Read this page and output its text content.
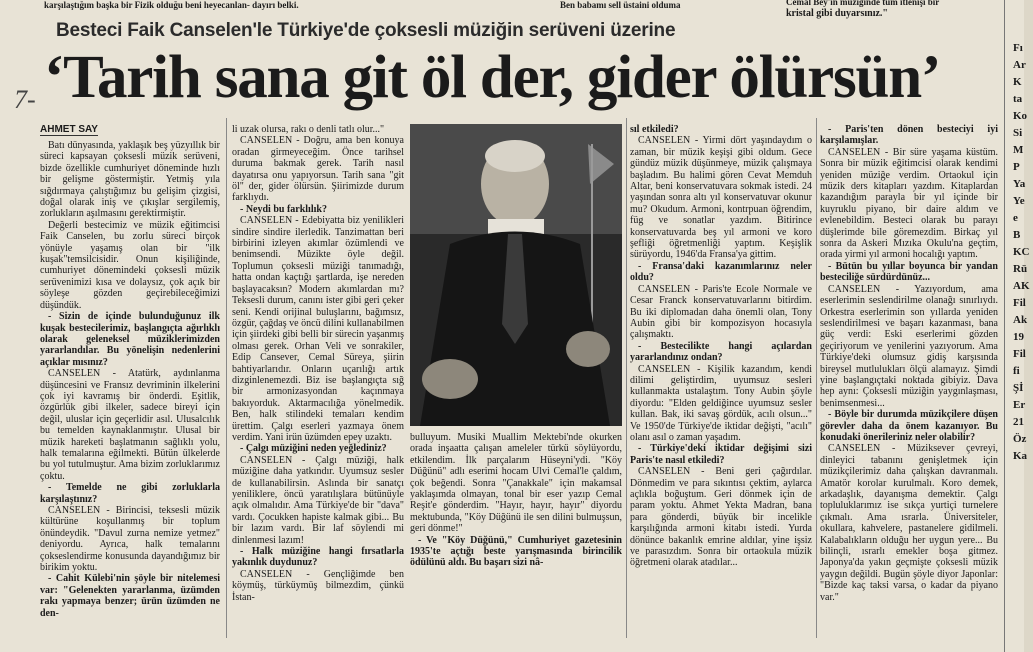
karşılaştığım başka bir Fizik olduğu beni heyecanlan- dayırı belki.	Ben babamı sell üstaini olduma	Cemal Bey'in müziğinde tüm itlenişi bir
kristal gibi duyarsınız."
Fı
Ar
K
ta
Ko
Si
M
P
Ya
Ye
e
B
KC
Rü
AK
Fil
Ak
19
Fil
fi
Şİ
Er
21
Öz
Ka
Besteci Faik Canselen'le Türkiye'de çoksesli müziğin serüveni üzerine
‘Tarih sana git öl der, gider ölürsün’
7-
AHMET SAY

Batı dünyasında, yaklaşık beş yüzyıllık bir süreci kapsayan çoksesli müzik serüveni, bizde özellikle cumhuriyet döneminde hızlı bir gelişme göstermiştir. Yetmiş yıla sığdırmaya çalıştığımız bu gelişim çizgisi, doğal olarak iniş ve çıkışlar sergilemiş, zorlukların aşılmasını gerektirmiştir.

Değerli bestecimiz ve müzik eğitimcisi Faik Canselen, bu zorlu süreci birçok yönüyle yaşamış olan bir "ilk kuşak"temsilcisidir. Onun kişiliğinde, cumhuriyet dönemindeki çoksesli müzik serüvenimizi kısa ve dolaysız, çok açık bir söyleşe gözden geçirebileceğimizi düşündük.

- Sizin de içinde bulunduğunuz ilk kuşak bestecilerimiz, başlangıçta ağırlıklı olarak geleneksel müziklerimizden yararlandılar. Bu yönelişin nedenlerini açıklar mısınız?

CANSELEN - Atatürk, aydınlanma düşüncesini ve Fransız devriminin ilkelerini çok iyi kavramış bir önderdi. Eşitlik, özgürlük gibi ilkeler, sadece bireyi için değil, uluslar için geçerlidir asıl. Ulusalcılık bu temelden kaynaklanmıştır. Ulusal bir müzik hareketi başlatmanın sağlıklı yolu, halk temalarına eğilmekti. Bütün ülkelerde bu yol tutulmuştur. Ama bizim zorluklarımız çoktu.

- Temelde ne gibi zorluklarla karşılaştınız?

CANSELEN - Birincisi, teksesli müzik kültürüne koşullanmış bir toplum önündeydik. "Davul zurna nemize yetmez" deniyordu. Ayrıca, halk temalarını çokseslendirme konusunda dayandığımız bir birikim yoktu.

- Cahit Külebi'nin şöyle bir nitelemesi var: "Gelenekten yararlanma, üzümden rakı yapmaya benzer; ürün üzümden ne den-

li uzak olursa, rakı o denli tatlı olur..."

CANSELEN - Doğru, ama ben konuya oradan girmeyeceğim. Önce tarihsel duruma bakmak gerek. Tarih nasıl dayatırsa onu yapıyorsun. Tarih sana "git öl" der, gider ölürsün. Şiirimizde durum farklıydı.

- Neydi bu farklılık?

CANSELEN - Edebiyatta biz yenilikleri sindire sindire ilerledik. Tanzimattan beri birbirini izleyen akımlar özümlendi ve benimsendi. Müzikte öyle değil. Toplumun çoksesli müziği tanımadığı, hatta ondan kaçtığı şartlarda, işe nereden başlayacaksın? Modern akımlardan mı? Teksesli durum, canını ister gibi geri çeker seni. Kendi orijinal buluşlarını, bağımsız, özgür, çağdaş ve öncü dilini kullanabilmen için şiirdeki gibi belli bir sürecin yaşanmış olması gerek. Orhan Veli ve sonrakiler, Edip Cansever, Cemal Süreya, şiirin bahtiyarlarıdır. Onların uçarılığı artık dizginlenemezdi. Biz ise başlangıçta sığ bir armonizasyondan kaçınmaya bakıyorduk. Aktarmacılığa yönelmedik. Ben, halk stilindeki temaları kendim ürettim. Çalgı eserleri yazmaya önem verdim. Yani irün üzümden epey uzaktı.

- Çalgı müziğini neden yeğlediniz?

CANSELEN - Çalgı müziği, halk müziğine daha yatkındır. Uyumsuz sesler de kullanabilirsin. Aslında bir sanatçı yeniliklere, öncü yaratılışlara bütünüyle açık olmalıdır. Ama Türkiye'de bir "dava" vardı. Çocukken hapiste kalmak gibi... Bu bir lazım vardı. Bir laf söylendi mi dinlenmesi lazım!

- Halk müziğine hangi fırsatlarla yakınlık duydunuz?

CANSELEN - Gençliğimde ben köymüş, türküymüş bilmezdim, çünkü İstan-

bulluyum. Musiki Muallim Mektebi'nde okurken orada inşaatta çalışan ameleler türkü söylüyordu, etkilendim. İlk parçalarım Hüseyni'ydi. "Köy Düğünü" adlı eserimi hocam Ulvi Cemal'le çaldım, çok beğendi. Sonra "Çanakkale" için makamsal yaklaşımda olmayan, tonal bir eser yazıp Cemal Reşit'e gönderdim. "Hayır, hayır, hayır" diyordu mektubunda, "Köy Düğünü ile sen dilini bulmuşsun, geri dönme!"

- Ve "Köy Düğünü," Cumhuriyet gazetesinin 1935'te açtığı beste yarışmasında birincilik ödülünü aldı. Bu başarı sizi nâ-

sıl etkiledi?

CANSELEN - Yirmi dört yaşındaydım o zaman, bir müzik keşişi gibi oldum. Gece gündüz müzik düşünmeye, müzik çalışmaya başladım. Bu halimi gören Cevat Memduh Altar, beni konservatuvara sokmak istedi. 24 yaşından sonra altı yıl konservatuvar okunur mu? Okudum. Armoni, kontrpuan öğrendim, füg ve sonatlar yazdım. Bitirince konservatuvarda beş yıl armoni ve koro şefliği öğretmenliği yaptım. Keşişlik sürüyordu, 1946'da Fransa'ya gittim.

- Fransa'daki kazanımlarınız neler oldu?

CANSELEN - Paris'te Ecole Normale ve Cesar Franck konservatuvarlarını bitirdim. Bu iki diplomadan daha önemli olan, Tony Aubin gibi bir kompozisyon hocasıyla çalışmaktı.

- Bestecilikte hangi açılardan yararlandınız ondan?

CANSELEN - Kişilik kazandım, kendi dilimi geliştirdim, uyumsuz sesleri kullanmakta ustalaştım. Tony Aubin şöyle diyordu: "Elden geldiğince uyumsuz sesler kullan. Bak, iki savaş gördük, acılı olsun..." Ve 1950'de Türkiye'de iktidar değişti, "acılı" olanı asıl o zaman yaşadım.

- Türkiye'deki iktidar değişimi sizi Paris'te nasıl etkiledi?

CANSELEN - Beni geri çağırdılar. Dönmedim ve para sıkıntısı çektim, aylarca açlıkla boğuştum. Geri dönmek için de param yoktu. Ahmet Yekta Madran, bana para gönderdi, büyük bir incelikle karşılığında armoni kitabı istedi. Yurda dönünce bakanlık emrine aldılar, yine işsiz ve parasızdım. Sonra bir ortaokula müzik öğretmeni olarak atadılar...

- Paris'ten dönen besteciyi iyi karşılamışlar.

CANSELEN - Bir süre yaşama küstüm. Sonra bir müzik eğitimcisi olarak kendimi yeniden müziğe verdim. Ortaokul için müzik ders kitapları yazdım. Kitaplardan kazandığım parayla bir yıl içinde bir kuyruklu piyano, bir daire aldım ve evlenebildim. Besteci olarak bu parayı düşlerimde bile göremezdim. Birkaç yıl sonra da Askeri Mızıka Okulu'na geçtim, orada yirmi yıl armoni hocalığı yaptım.

- Bütün bu yıllar boyunca bir yandan besteciliğe sürdürdünüz...

CANSELEN - Yazıyordum, ama eserlerimin seslendirilme olanağı sınırlıydı. Orkestra eserlerimin son yıllarda yeniden seslendirilmesi ve başarı kazanması, bana güç verdi: Eski eserlerimi gözden geçiriyorum ve yenilerini yazıyorum. Ama Türkiye'deki olumsuz gidiş karşısında bireysel mutlulukları ölçü alamayız. Şimdi yine başlangıçtaki noktada gibiyiz. Dava hep aynı: Çoksesli müziğin yaygınlaşması, benimsenmesi...

- Böyle bir durumda müzikçilere düşen görevler daha da önem kazanıyor. Bu konudaki önerileriniz neler olabilir?

CANSELEN - Müziksever çevreyi, dinleyici tabanını genişletmek için müzikçilerimiz daha çalışkan davranmalı. Amatör korolar kurulmalı. Koro demek, arkadaşlık, dayanışma demektir. Çalgı topluluklarımız ise sıkça yurtiçi turnelere çıkmalı. Ama ısrarla. Üniversiteler, okullara, kahvelere, pastanelere gidilmeli. Kalabalıkların olduğu her uygun yere... Bu bilinçli, ısrarlı emekler boşa gitmez. Japonya'da yakın geçmişte çoksesli müzik yaygın değildi. Bugün şöyle diyor Japonlar: "Bizde kaç taksi varsa, o kadar da piyano var."
